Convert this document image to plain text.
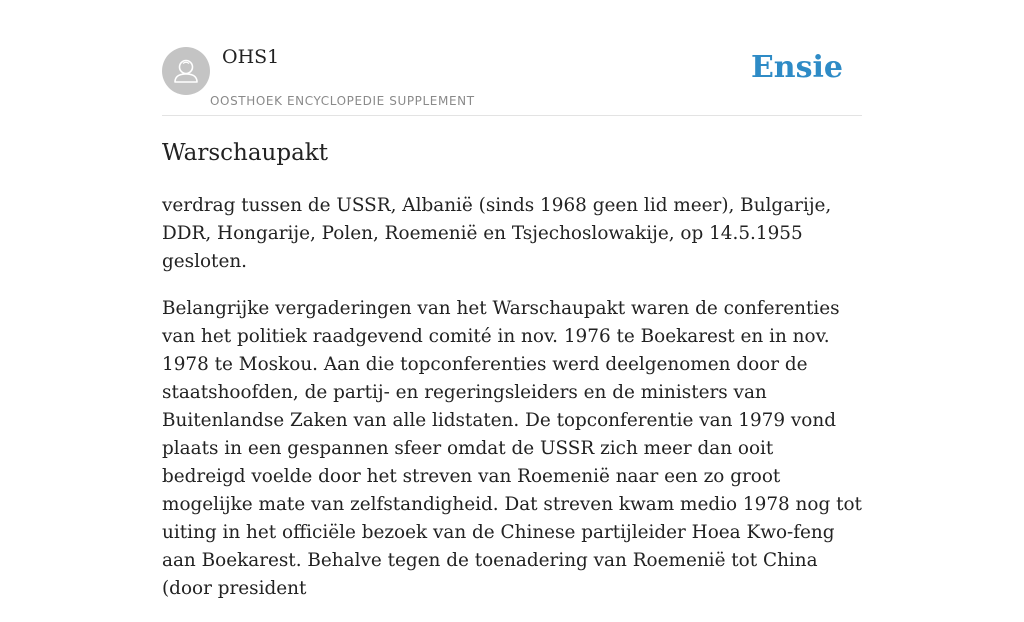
OHS1
OOSTHOEK ENCYCLOPEDIE SUPPLEMENT
Ensie
Warschaupakt

verdrag tussen de USSR, Albanië (sinds 1968 geen lid meer), Bulgarije, DDR, Hongarije, Polen, Roemenië en Tsjechoslowakije, op 14.5.1955 gesloten.

Belangrijke vergaderingen van het Warschaupakt waren de conferenties van het politiek raadgevend comité in nov. 1976 te Boekarest en in nov. 1978 te Moskou. Aan die topconferenties werd deelgenomen door de staatshoofden, de partij- en regeringsleiders en de ministers van Buitenlandse Zaken van alle lidstaten. De topconferentie van 1979 vond plaats in een gespannen sfeer omdat de USSR zich meer dan ooit bedreigd voelde door het streven van Roemenië naar een zo groot mogelijke mate van zelfstandigheid. Dat streven kwam medio 1978 nog tot uiting in het officiële bezoek van de Chinese partijleider Hoea Kwo-feng aan Boekarest. Behalve tegen de toenadering van Roemenië tot China (door president
